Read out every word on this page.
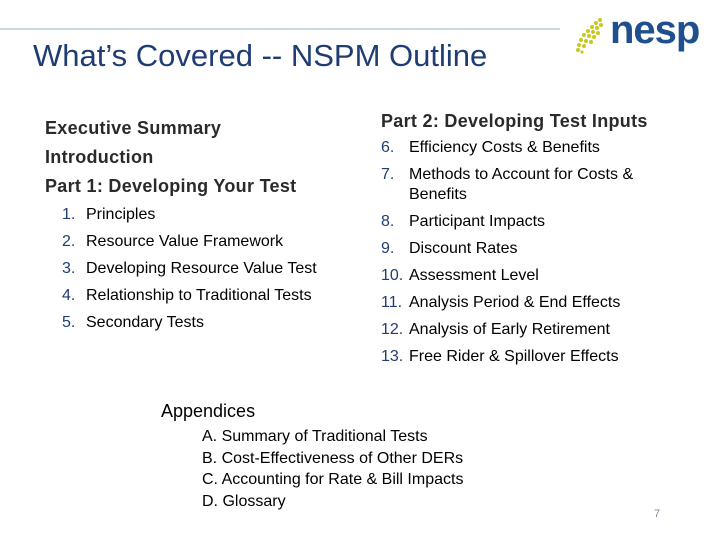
nesp
What’s Covered -- NSPM Outline
Executive Summary
Introduction
Part 1: Developing Your Test
1. Principles
2. Resource Value Framework
3. Developing Resource Value Test
4. Relationship to Traditional Tests
5. Secondary Tests
Part 2: Developing Test Inputs
6. Efficiency Costs & Benefits
7. Methods to Account for Costs & Benefits
8. Participant Impacts
9. Discount Rates
10. Assessment Level
11. Analysis Period & End Effects
12. Analysis of Early Retirement
13. Free Rider & Spillover Effects
Appendices
A. Summary of Traditional Tests
B. Cost-Effectiveness of Other DERs
C. Accounting for Rate & Bill Impacts
D. Glossary
7
